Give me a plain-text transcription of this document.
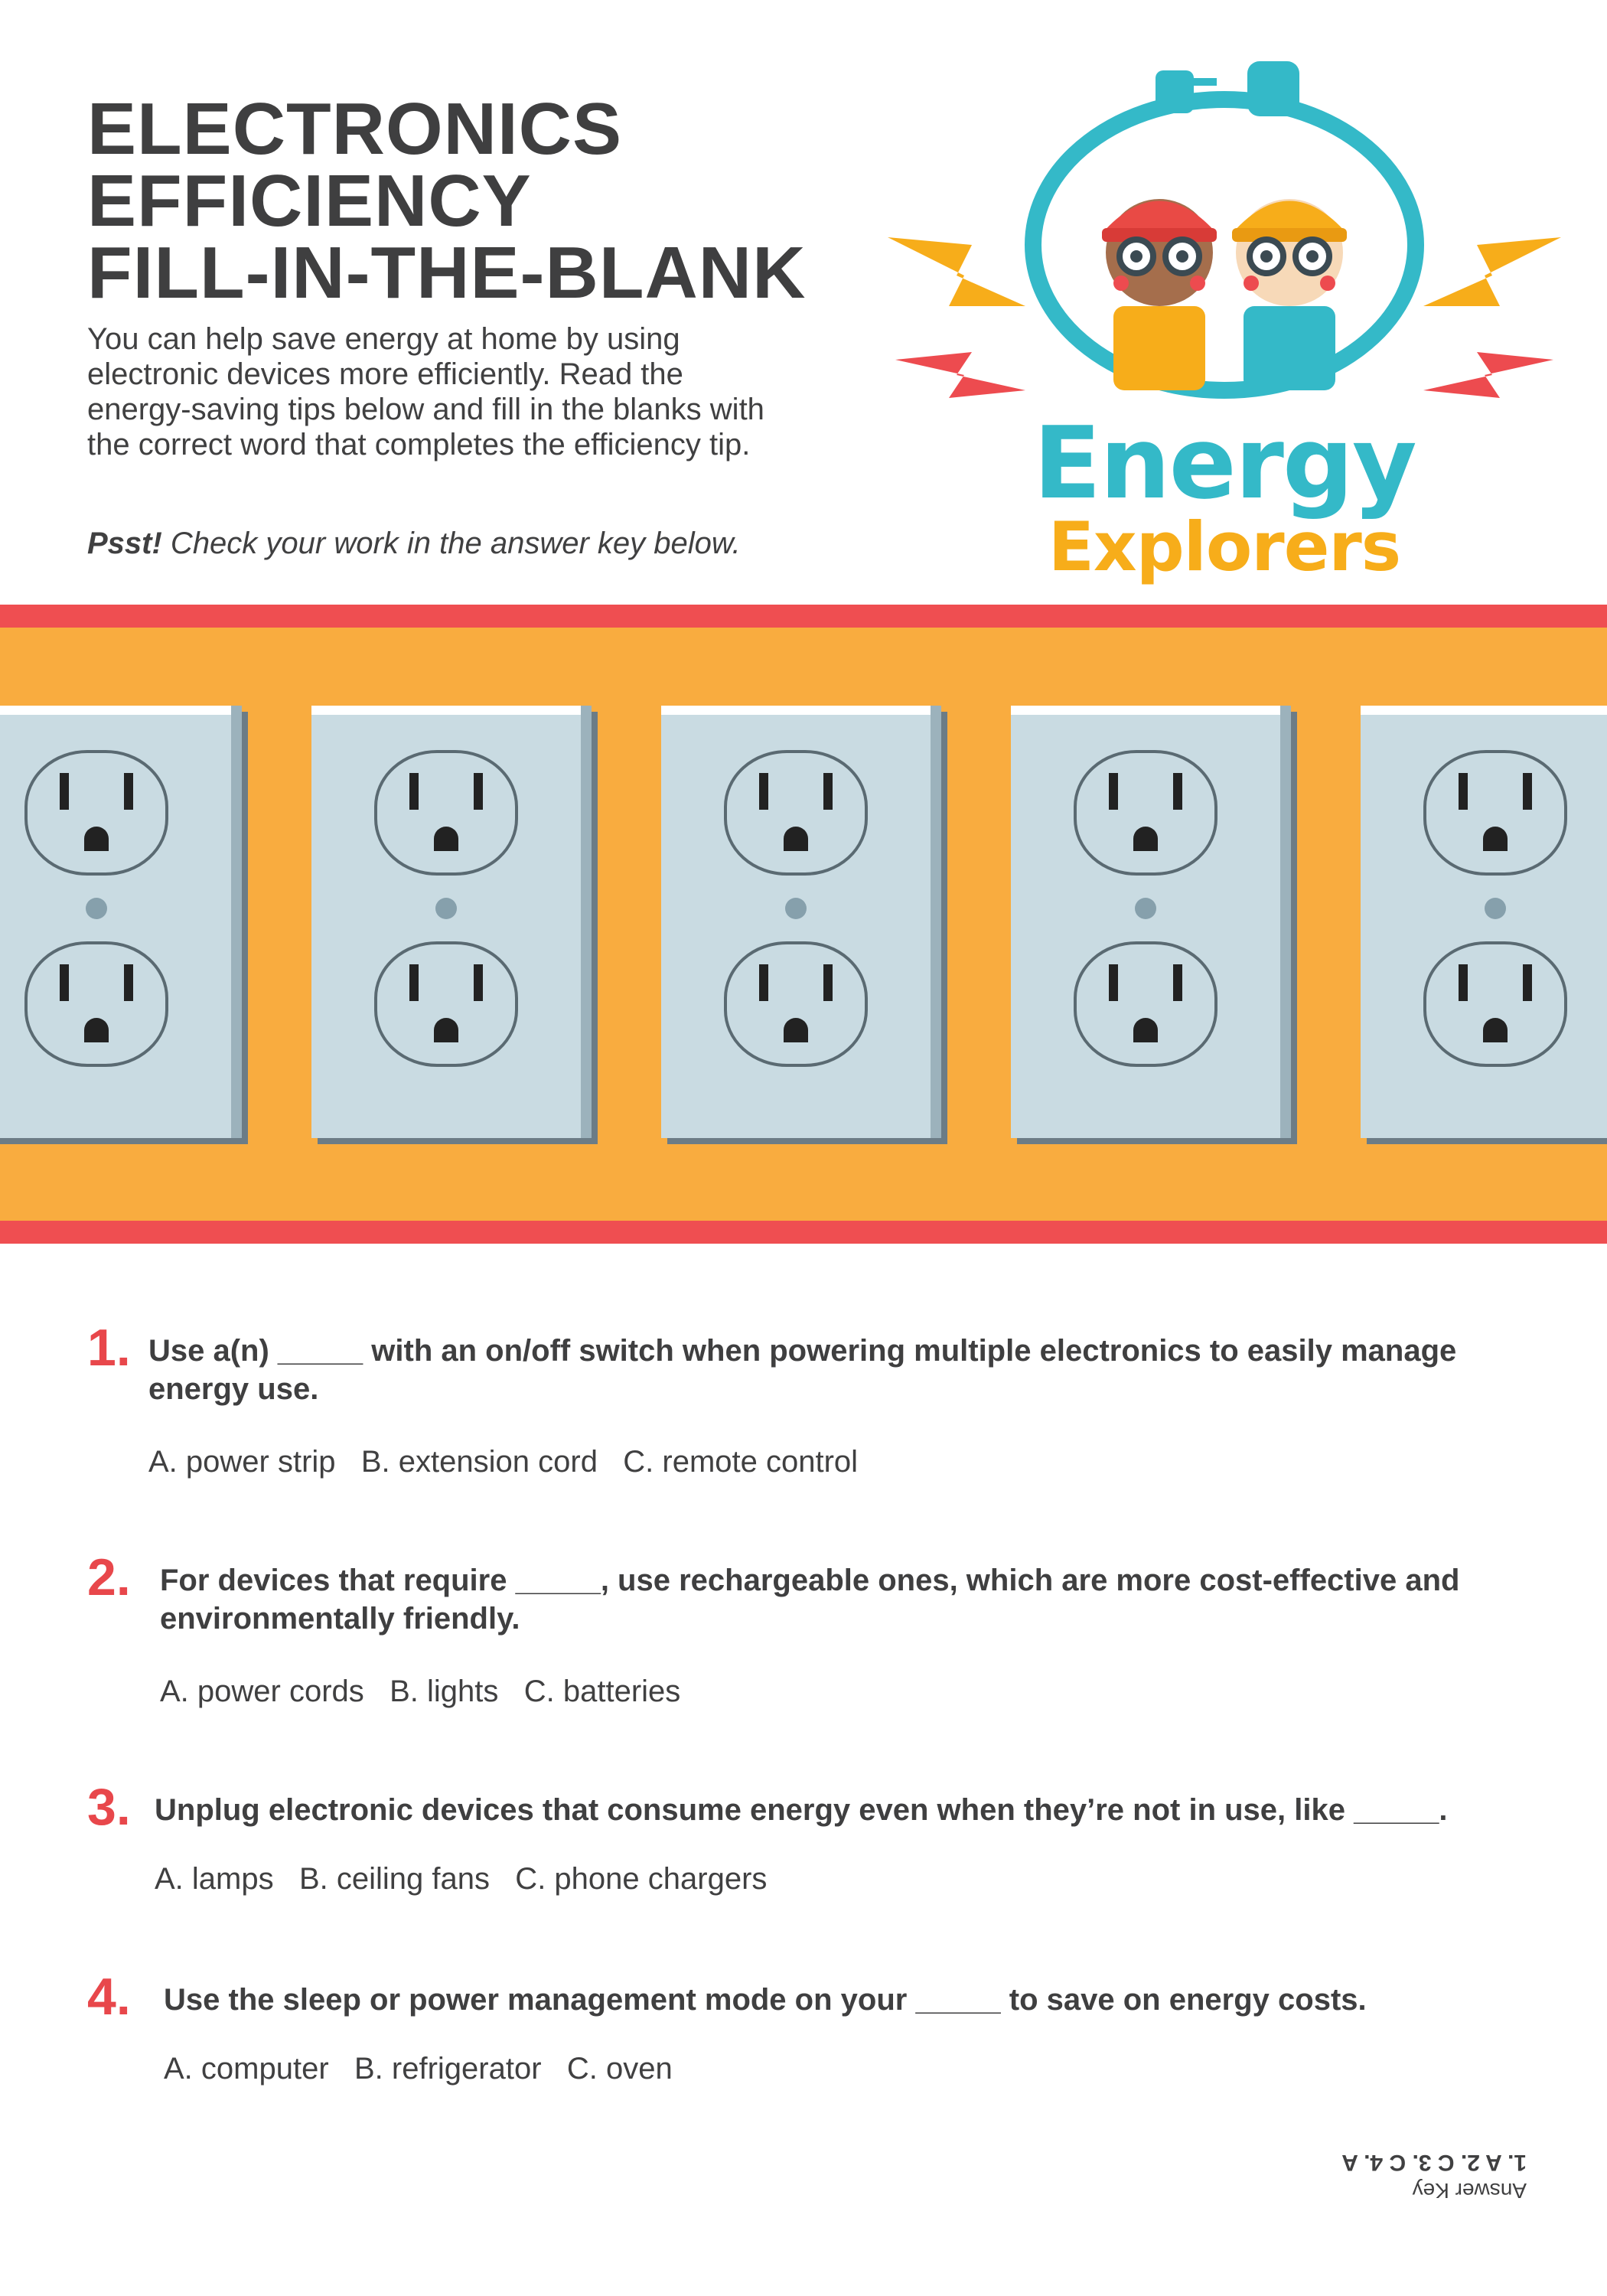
ELECTRONICS
EFFICIENCY
FILL-IN-THE-BLANK

You can help save energy at home by using electronic devices more efficiently. Read the energy-saving tips below and fill in the blanks with the correct word that completes the efficiency tip.

Psst! Check your work in the answer key below.

Energy

Explorers

1. Use a(n) _____ with an on/off switch when powering multiple electronics to easily manage energy use.

A. power strip   B. extension cord   C. remote control

2. For devices that require _____, use rechargeable ones, which are more cost-effective and environmentally friendly.

A. power cords   B. lights   C. batteries

3. Unplug electronic devices that consume energy even when they’re not in use, like _____.

A. lamps   B. ceiling fans   C. phone chargers

4. Use the sleep or power management mode on your _____ to save on energy costs.

A. computer   B. refrigerator   C. oven

Answer Key
1. A 2. C 3. C 4. A
